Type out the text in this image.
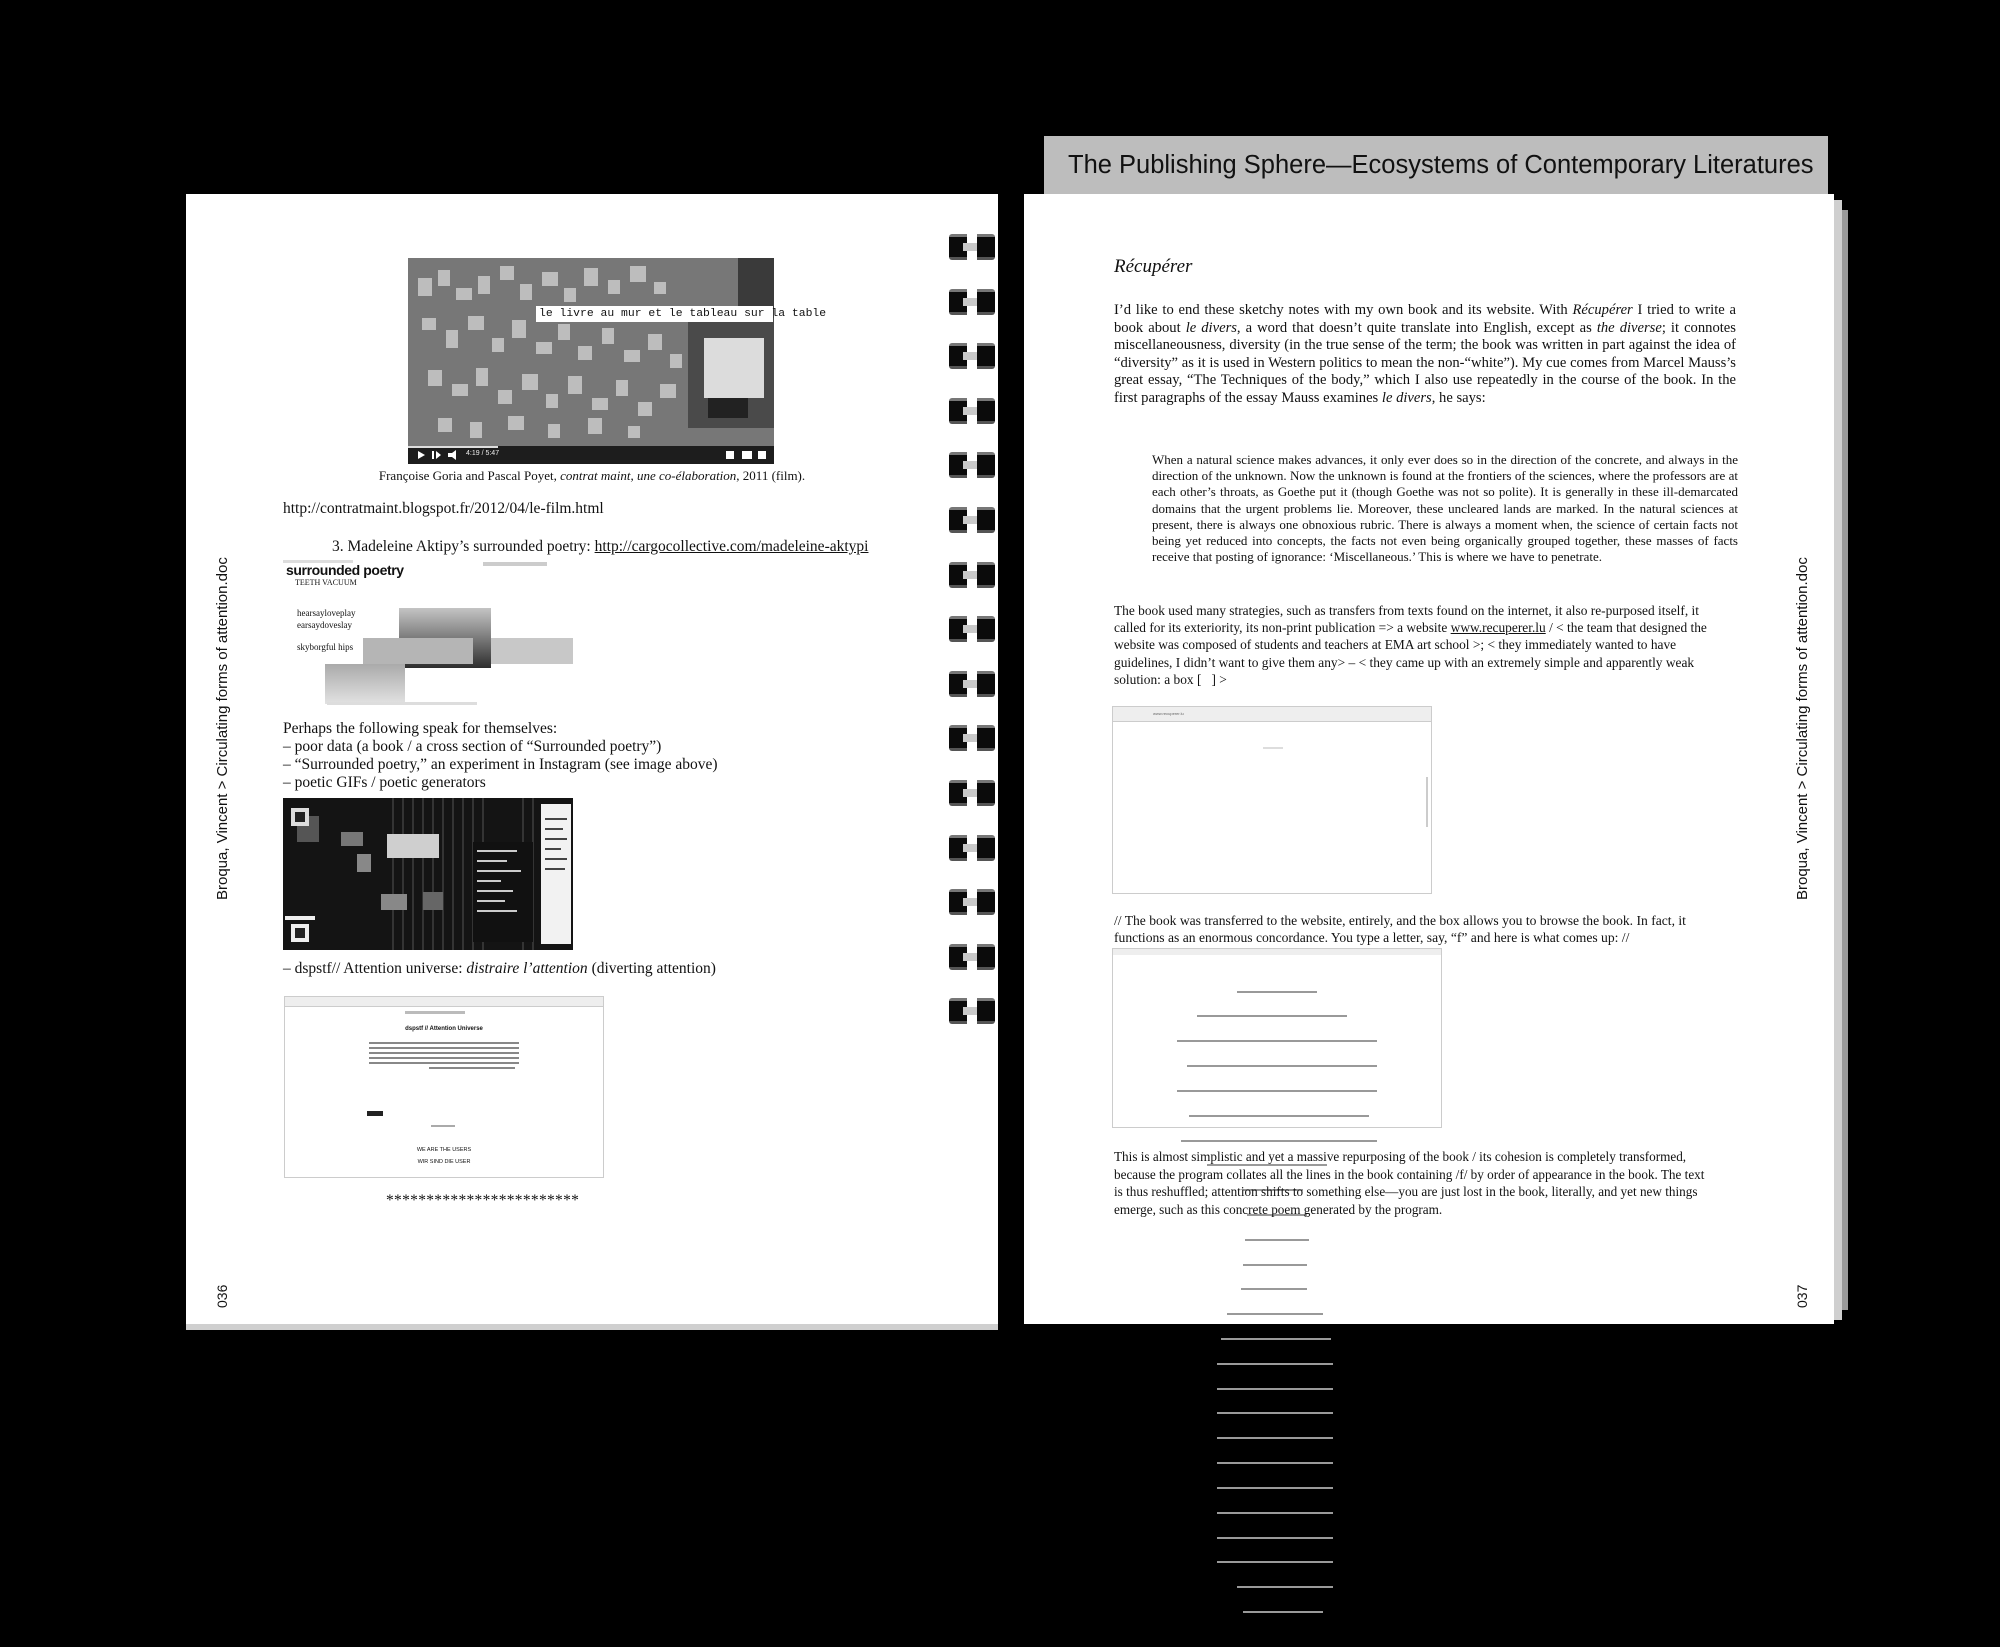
The Publishing Sphere—Ecosystems of Contemporary Literatures
le livre au mur et le tableau sur la table
4:19 / 5:47
Françoise Goria and Pascal Poyet, contrat maint, une co-élaboration, 2011 (film).
http://contratmaint.blogspot.fr/2012/04/le-film.html
3. Madeleine Aktipy’s surrounded poetry: http://cargocollective.com/madeleine-aktypi
surrounded poetry
TEETH VACUUM
hearsayloveplay
earsaydoveslay
skyborgful hips
Perhaps the following speak for themselves:
– poor data (a book / a cross section of “Surrounded poetry”)
– “Surrounded poetry,” an experiment in Instagram (see image above)
– poetic GIFs / poetic generators
– dspstf// Attention universe: distraire l’attention (diverting attention)
dspstf // Attention Universe
WE ARE THE USERS
WIR SIND DIE USER
************************
Broqua, Vincent > Circulating forms of attention.doc
036
Récupérer
I’d like to end these sketchy notes with my own book and its website. With Récupérer I tried to write a book about le divers, a word that doesn’t quite translate into English, except as the diverse; it connotes miscellaneousness, diversity (in the true sense of the term; the book was written in part against the idea of “diversity” as it is used in Western politics to mean the non-“white”). My cue comes from Marcel Mauss’s great essay, “The Techniques of the body,” which I also use repeatedly in the course of the book. In the first paragraphs of the essay Mauss examines le divers, he says:
When a natural science makes advances, it only ever does so in the direction of the concrete, and always in the direction of the unknown. Now the unknown is found at the frontiers of the sciences, where the professors are at each other’s throats, as Goethe put it (though Goethe was not so polite). It is generally in these ill-demarcated domains that the urgent problems lie. Moreover, these uncleared lands are marked. In the natural sciences at present, there is always one obnoxious rubric. There is always a moment when, the science of certain facts not being yet reduced into concepts, the facts not even being organically grouped together, these masses of facts receive that posting of ignorance: ‘Miscellaneous.’ This is where we have to penetrate.
The book used many strategies, such as transfers from texts found on the internet, it also re-purposed itself, it called for its exteriority, its non-print publication => a website www.recuperer.lu / < the team that designed the website was composed of students and teachers at EMA art school >; < they immediately wanted to have guidelines, I didn’t want to give them any> – < they came up with an extremely simple and apparently weak solution: a box [   ] >
www.recuperer.lu
// The book was transferred to the website, entirely, and the box allows you to browse the book. In fact, it functions as an enormous concordance. You type a letter, say, “f” and here is what comes up: //

This is almost simplistic and yet a massive repurposing of the book / its cohesion is completely transformed, because the program collates all the lines in the book containing /f/ by order of appearance in the book. The text is thus reshuffled; attention shifts to something else—you are just lost in the book, literally, and yet new things emerge, such as this concrete poem generated by the program.
Broqua, Vincent > Circulating forms of attention.doc
037
